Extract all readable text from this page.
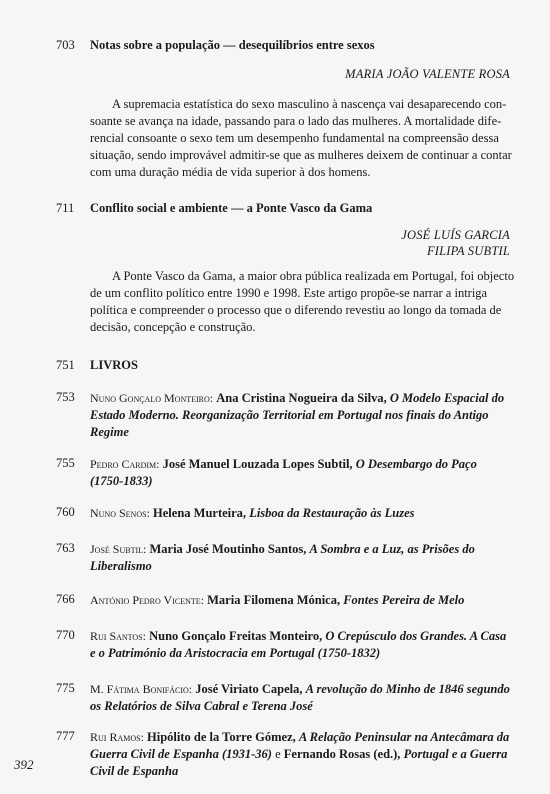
703	Notas sobre a população — desequilíbrios entre sexos
MARIA JOÃO VALENTE ROSA
A supremacia estatística do sexo masculino à nascença vai desaparecendo con-
soante se avança na idade, passando para o lado das mulheres. A mortalidade dife-
rencial consoante o sexo tem um desempenho fundamental na compreensão dessa
situação, sendo improvável admitir-se que as mulheres deixem de continuar a contar
com uma duração média de vida superior à dos homens.
711	Conflito social e ambiente — a Ponte Vasco da Gama
JOSÉ LUÍS GARCIA
FILIPA SUBTIL
A Ponte Vasco da Gama, a maior obra pública realizada em Portugal, foi objecto
de um conflito político entre 1990 e 1998. Este artigo propõe-se narrar a intriga
política e compreender o processo que o diferendo revestiu ao longo da tomada de
decisão, concepção e construção.
751	LIVROS
753	Nuno Gonçalo Monteiro: Ana Cristina Nogueira da Silva, O Modelo Espacial do Estado Moderno. Reorganização Territorial em Portugal nos finais do Antigo Regime
755	Pedro Cardim: José Manuel Louzada Lopes Subtil, O Desembargo do Paço (1750-1833)
760	Nuno Senos: Helena Murteira, Lisboa da Restauração às Luzes
763	José Subtil: Maria José Moutinho Santos, A Sombra e a Luz, as Prisões do Liberalismo
766	António Pedro Vicente: Maria Filomena Mónica, Fontes Pereira de Melo
770	Rui Santos: Nuno Gonçalo Freitas Monteiro, O Crepúsculo dos Grandes. A Casa e o Património da Aristocracia em Portugal (1750-1832)
775	M. Fátima Bonifácio: José Viriato Capela, A revolução do Minho de 1846 segundo os Relatórios de Silva Cabral e Terena José
777	Rui Ramos: Hipólito de la Torre Gómez, A Relação Peninsular na Antecâmara da Guerra Civil de Espanha (1931-36) e Fernando Rosas (ed.), Portugal e a Guerra Civil de Espanha
392
